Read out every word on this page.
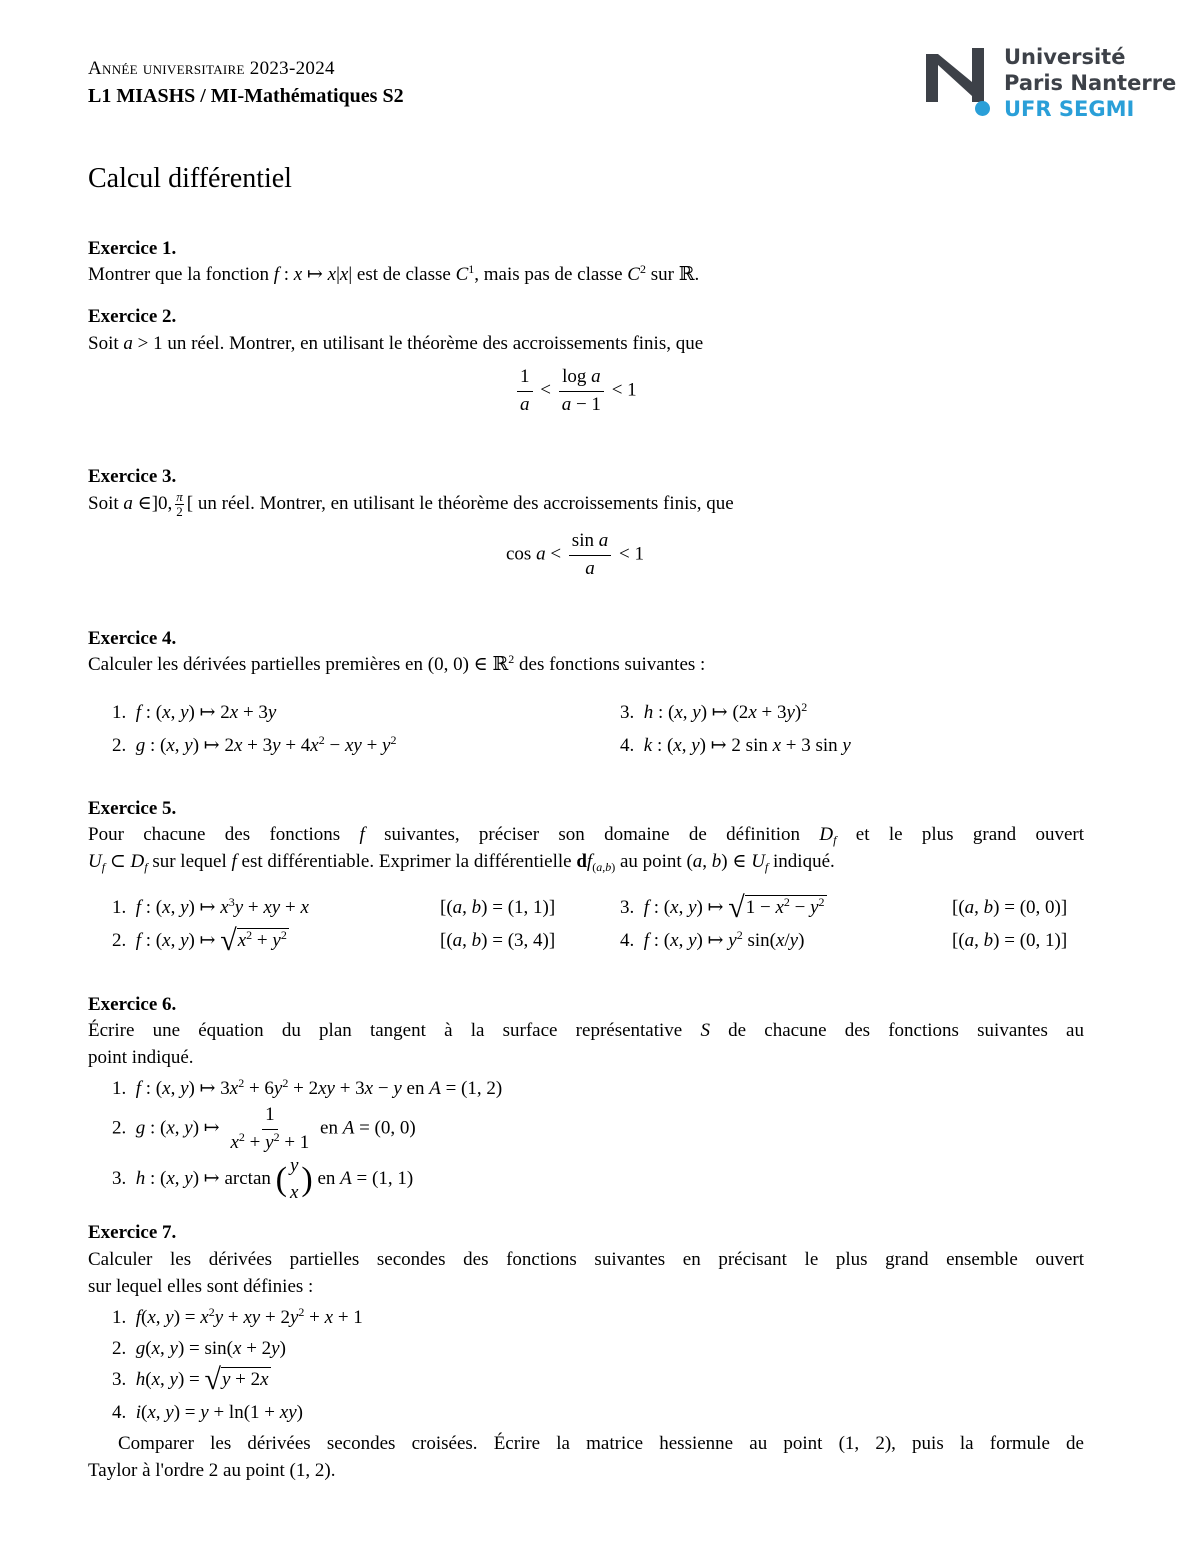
Année universitaire 2023-2024
L1 MIASHS / MI-Mathématiques S2
Université
Paris Nanterre
UFR SEGMI
Calcul différentiel
Exercice 1.
Montrer que la fonction f : x ↦ x|x| est de classe $C^1$, mais pas de classe $C^2$ sur ℝ.
Exercice 2.
Soit a > 1 un réel. Montrer, en utilisant le théorème des accroissements finis, que
$\frac{1}{a} < \frac{\text{log a}}{a - 1} < 1$
Exercice 3.
Soit a ∈]0, $\frac{\pi}{2}$ [ un réel. Montrer, en utilisant le théorème des accroissements finis, que
$\cos a < \frac{\text{sin a}}{a} < 1$
Exercice 4.
Calculer les dérivées partielles premières en (0, 0) ∈ ℝ$^2$ des fonctions suivantes :
1. f : (x, y) ↦ 2x + 3y
2. g : (x, y) ↦ $2x + 3y + 4x^2$ − xy + $y^2$
3. h : (x, y) ↦ $(2x + 3y)^2$
4. k : (x, y) ↦ 2 sin x + 3 sin y
Exercice 5.
Pour chacune des fonctions f suivantes, préciser son domaine de définition $D_f$ et le plus grand ouvert
$U_f$ ⊂ $D_f$ sur lequel f est différentiable. Exprimer la différentielle $df_{(a,b)}$ au point (a, b) ∈ $U_f$ indiqué.
1. f : (x, y) ↦ $x^3y$ + xy + x	[(a, b) = (1, 1)]
2. f : (x, y) ↦ $√x^2 + y^2$	[(a, b) = (3, 4)]
3. f : (x, y) ↦ $√1 - x^2 - y^2$	[(a, b) = (0, 0)]
4. f : (x, y) ↦ $y^2$ sin(x/y)	[(a, b) = (0, 1)]
Exercice 6.
Écrire une équation du plan tangent à la surface représentative S de chacune des fonctions suivantes au
point indiqué.
1. f : (x, y) ↦ $3x^2 + 6y^2 + 2xy + 3x - y$ en A = (1, 2)
2. g : (x, y) ↦ $\frac{1}{x^2 + y^2 + 1}$ en A = (0, 0)
3. h : (x, y) ↦ arctan ( y
x ) en A = (1, 1)
Exercice 7.
Calculer les dérivées partielles secondes des fonctions suivantes en précisant le plus grand ensemble ouvert
sur lequel elles sont définies :
1. f(x, $y) = x^2y$ + xy + $2y^2 + x + 1$
2. g(x, y) = sin(x + 2y)
3. h(x, y) = √y + 2x
4. i(x, y) = y + ln(1 + xy)
Comparer les dérivées secondes croisées. Écrire la matrice hessienne au point (1, 2), puis la formule de
Taylor à l'ordre 2 au point (1, 2).
